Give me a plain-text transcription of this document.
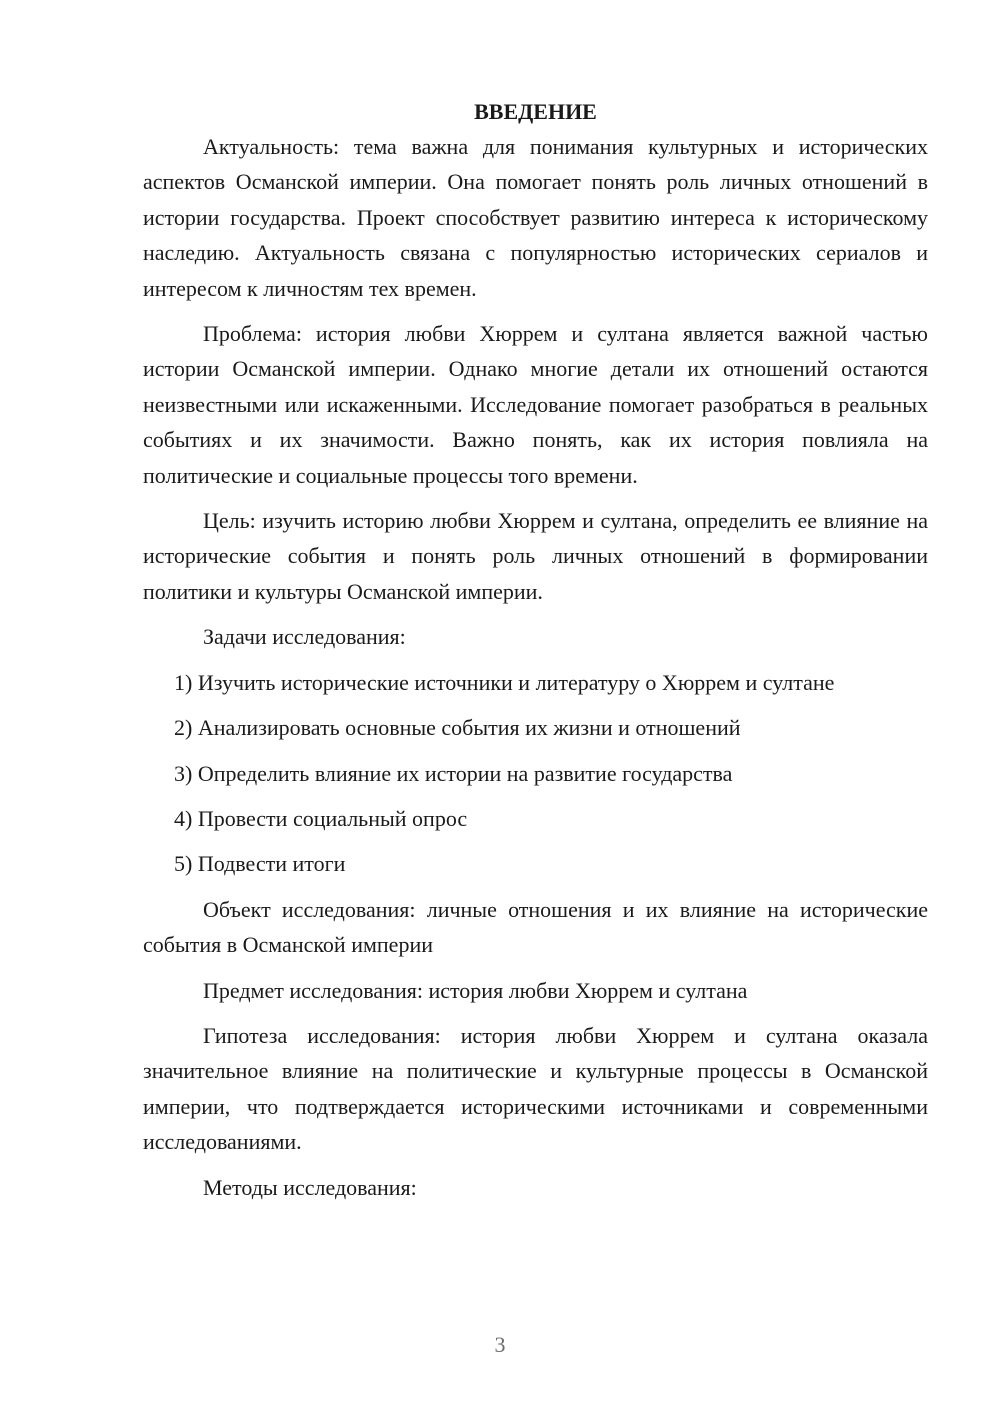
ВВЕДЕНИЕ

Актуальность: тема важна для понимания культурных и исторических аспектов Османской империи. Она помогает понять роль личных отношений в истории государства. Проект способствует развитию интереса к историческому наследию. Актуальность связана с популярностью исторических сериалов и интересом к личностям тех времен.

Проблема: история любви Хюррем и султана является важной частью истории Османской империи. Однако многие детали их отношений остаются неизвестными или искаженными. Исследование помогает разобраться в реальных событиях и их значимости. Важно понять, как их история повлияла на политические и социальные процессы того времени.

Цель: изучить историю любви Хюррем и султана, определить ее влияние на исторические события и понять роль личных отношений в формировании политики и культуры Османской империи.

Задачи исследования:

1) Изучить исторические источники и литературу о Хюррем и султане

2) Анализировать основные события их жизни и отношений

3) Определить влияние их истории на развитие государства

4) Провести социальный опрос

5) Подвести итоги

Объект исследования: личные отношения и их влияние на исторические события в Османской империи

Предмет исследования: история любви Хюррем и султана

Гипотеза исследования: история любви Хюррем и султана оказала значительное влияние на политические и культурные процессы в Османской империи, что подтверждается историческими источниками и современными исследованиями.

Методы исследования:

3
